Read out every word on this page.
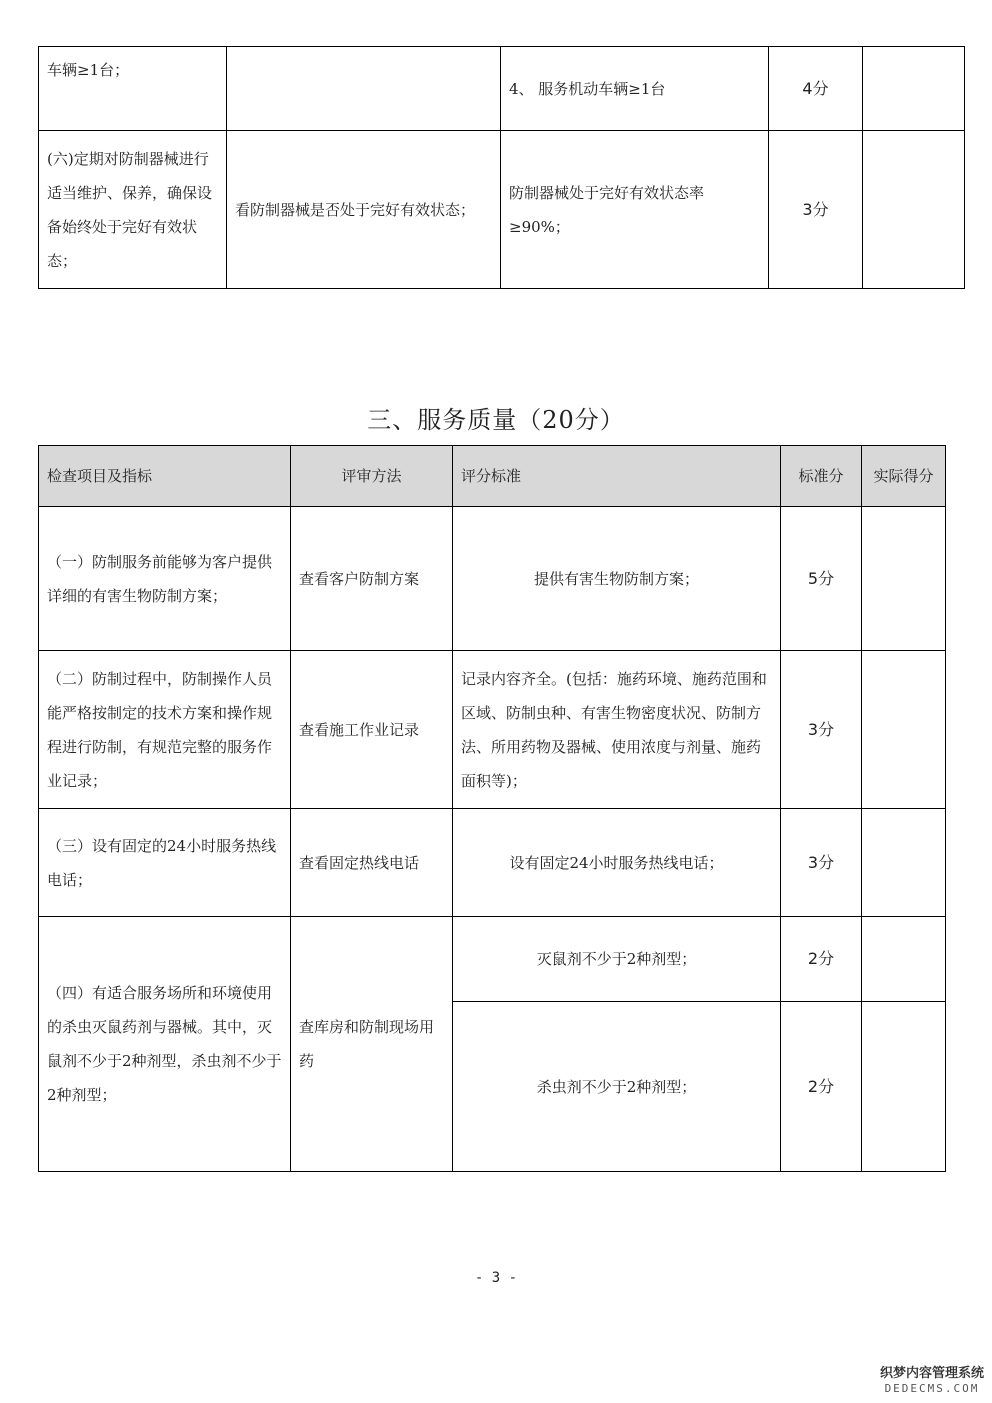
车辆≥1台；		4、 服务机动车辆≥1台	4分	
(六)定期对防制器械进行适当维护、保养，确保设备始终处于完好有效状态；	看防制器械是否处于完好有效状态；	防制器械处于完好有效状态率≥90%；	3分	
三、服务质量（20分）
检查项目及指标	评审方法	评分标准	标准分	实际得分
（一）防制服务前能够为客户提供详细的有害生物防制方案；	查看客户防制方案	提供有害生物防制方案；	5分	
（二）防制过程中，防制操作人员能严格按制定的技术方案和操作规程进行防制，有规范完整的服务作业记录；	查看施工作业记录	记录内容齐全。(包括：施药环境、施药范围和区域、防制虫种、有害生物密度状况、防制方法、所用药物及器械、使用浓度与剂量、施药面积等)；	3分	
（三）设有固定的24小时服务热线电话；	查看固定热线电话	设有固定24小时服务热线电话；	3分	
（四）有适合服务场所和环境使用的杀虫灭鼠药剂与器械。其中，灭鼠剂不少于2种剂型，杀虫剂不少于2种剂型；	查库房和防制现场用药	灭鼠剂不少于2种剂型；	2分	
		杀虫剂不少于2种剂型；	2分	
- 3 -
织梦内容管理系统
DEDECMS.COM
